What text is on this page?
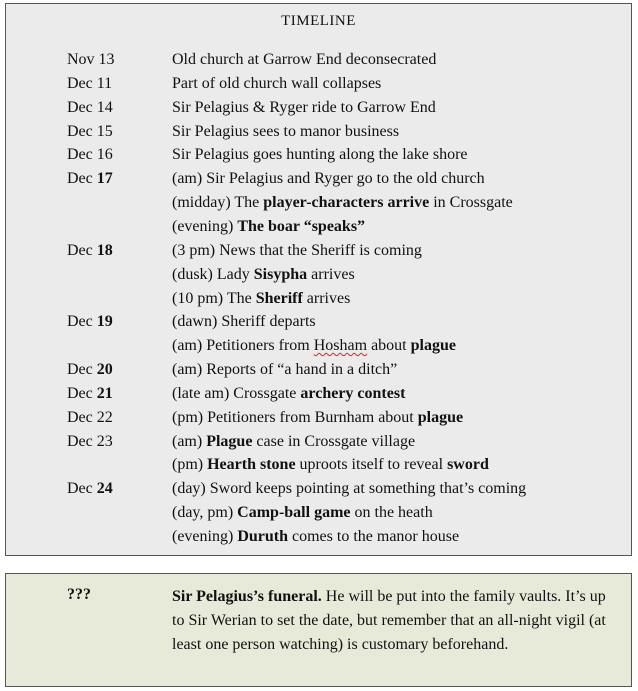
TIMELINE
Nov 13	Old church at Garrow End deconsecrated
Dec 11	Part of old church wall collapses
Dec 14	Sir Pelagius & Ryger ride to Garrow End
Dec 15	Sir Pelagius sees to manor business
Dec 16	Sir Pelagius goes hunting along the lake shore
Dec 17	(am) Sir Pelagius and Ryger go to the old church
(midday) The player-characters arrive in Crossgate
(evening) The boar “speaks”
Dec 18	(3 pm) News that the Sheriff is coming
(dusk) Lady Sisypha arrives
(10 pm) The Sheriff arrives
Dec 19	(dawn) Sheriff departs
(am) Petitioners from Hosham about plague
Dec 20	(am) Reports of “a hand in a ditch”
Dec 21	(late am) Crossgate archery contest
Dec 22	(pm) Petitioners from Burnham about plague
Dec 23	(am) Plague case in Crossgate village
(pm) Hearth stone uproots itself to reveal sword
Dec 24	(day) Sword keeps pointing at something that’s coming
(day, pm) Camp-ball game on the heath
(evening) Duruth comes to the manor house
???	Sir Pelagius’s funeral. He will be put into the family vaults. It’s up to Sir Werian to set the date, but remember that an all-night vigil (at least one person watching) is customary beforehand.
